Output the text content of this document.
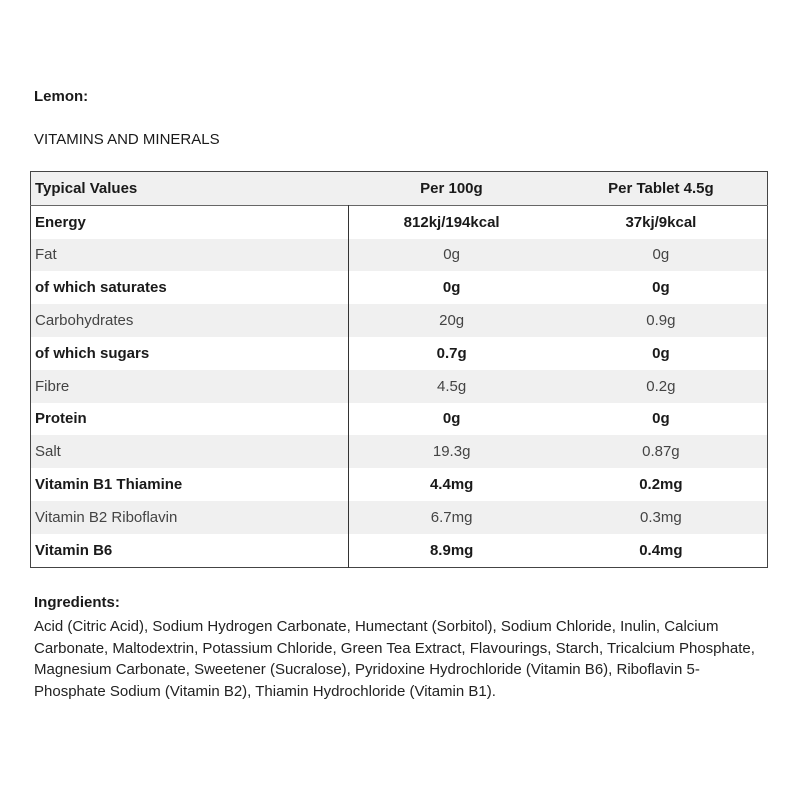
Lemon:
VITAMINS AND MINERALS
Typical Values	Per 100g	Per Tablet 4.5g
Energy	812kj/194kcal	37kj/9kcal
Fat	0g	0g
of which saturates	0g	0g
Carbohydrates	20g	0.9g
of which sugars	0.7g	0g
Fibre	4.5g	0.2g
Protein	0g	0g
Salt	19.3g	0.87g
Vitamin B1 Thiamine	4.4mg	0.2mg
Vitamin B2 Riboflavin	6.7mg	0.3mg
Vitamin B6	8.9mg	0.4mg
Ingredients:
Acid (Citric Acid), Sodium Hydrogen Carbonate, Humectant (Sorbitol), Sodium Chloride, Inulin, Calcium Carbonate, Maltodextrin, Potassium Chloride, Green Tea Extract, Flavourings, Starch, Tricalcium Phosphate, Magnesium Carbonate, Sweetener (Sucralose), Pyridoxine Hydrochloride (Vitamin B6), Riboflavin 5-Phosphate Sodium (Vitamin B2), Thiamin Hydrochloride (Vitamin B1).
